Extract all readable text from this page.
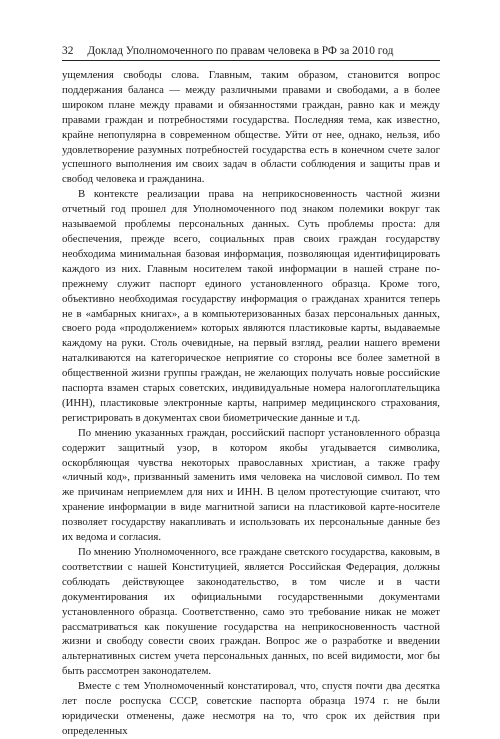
32 Доклад Уполномоченного по правам человека в РФ за 2010 год

ущемления свободы слова. Главным, таким образом, становится вопрос поддержания баланса — между различными правами и свободами, а в более широком плане между правами и обязанностями граждан, равно как и между правами граждан и потребностями государства. Последняя тема, как известно, крайне непопулярна в современном обществе. Уйти от нее, однако, нельзя, ибо удовлетворение разумных потребностей государства есть в конечном счете залог успешного выполнения им своих задач в области соблюдения и защиты прав и свобод человека и гражданина.

В контексте реализации права на неприкосновенность частной жизни отчетный год прошел для Уполномоченного под знаком полемики вокруг так называемой проблемы персональных данных. Суть проблемы проста: для обеспечения, прежде всего, социальных прав своих граждан государству необходима минимальная базовая информация, позволяющая идентифицировать каждого из них. Главным носителем такой информации в нашей стране по-прежнему служит паспорт единого установленного образца. Кроме того, объективно необходимая государству информация о гражданах хранится теперь не в «амбарных книгах», а в компьютеризованных базах персональных данных, своего рода «продолжением» которых являются пластиковые карты, выдаваемые каждому на руки. Столь очевидные, на первый взгляд, реалии нашего времени наталкиваются на категорическое неприятие со стороны все более заметной в общественной жизни группы граждан, не желающих получать новые российские паспорта взамен старых советских, индивидуальные номера налогоплательщика (ИНН), пластиковые электронные карты, например медицинского страхования, регистрировать в документах свои биометрические данные и т.д.

По мнению указанных граждан, российский паспорт установленного образца содержит защитный узор, в котором якобы угадывается символика, оскорбляющая чувства некоторых православных христиан, а также графу «личный код», призванный заменить имя человека на числовой символ. По тем же причинам неприемлем для них и ИНН. В целом протестующие считают, что хранение информации в виде магнитной записи на пластиковой карте-носителе позволяет государству накапливать и использовать их персональные данные без их ведома и согласия.

По мнению Уполномоченного, все граждане светского государства, каковым, в соответствии с нашей Конституцией, является Российская Федерация, должны соблюдать действующее законодательство, в том числе и в части документирования их официальными государственными документами установленного образца. Соответственно, само это требование никак не может рассматриваться как покушение государства на неприкосновенность частной жизни и свободу совести своих граждан. Вопрос же о разработке и введении альтернативных систем учета персональных данных, по всей видимости, мог бы быть рассмотрен законодателем.

Вместе с тем Уполномоченный констатировал, что, спустя почти два десятка лет после роспуска СССР, советские паспорта образца 1974 г. не были юридически отменены, даже несмотря на то, что срок их действия при определенных
